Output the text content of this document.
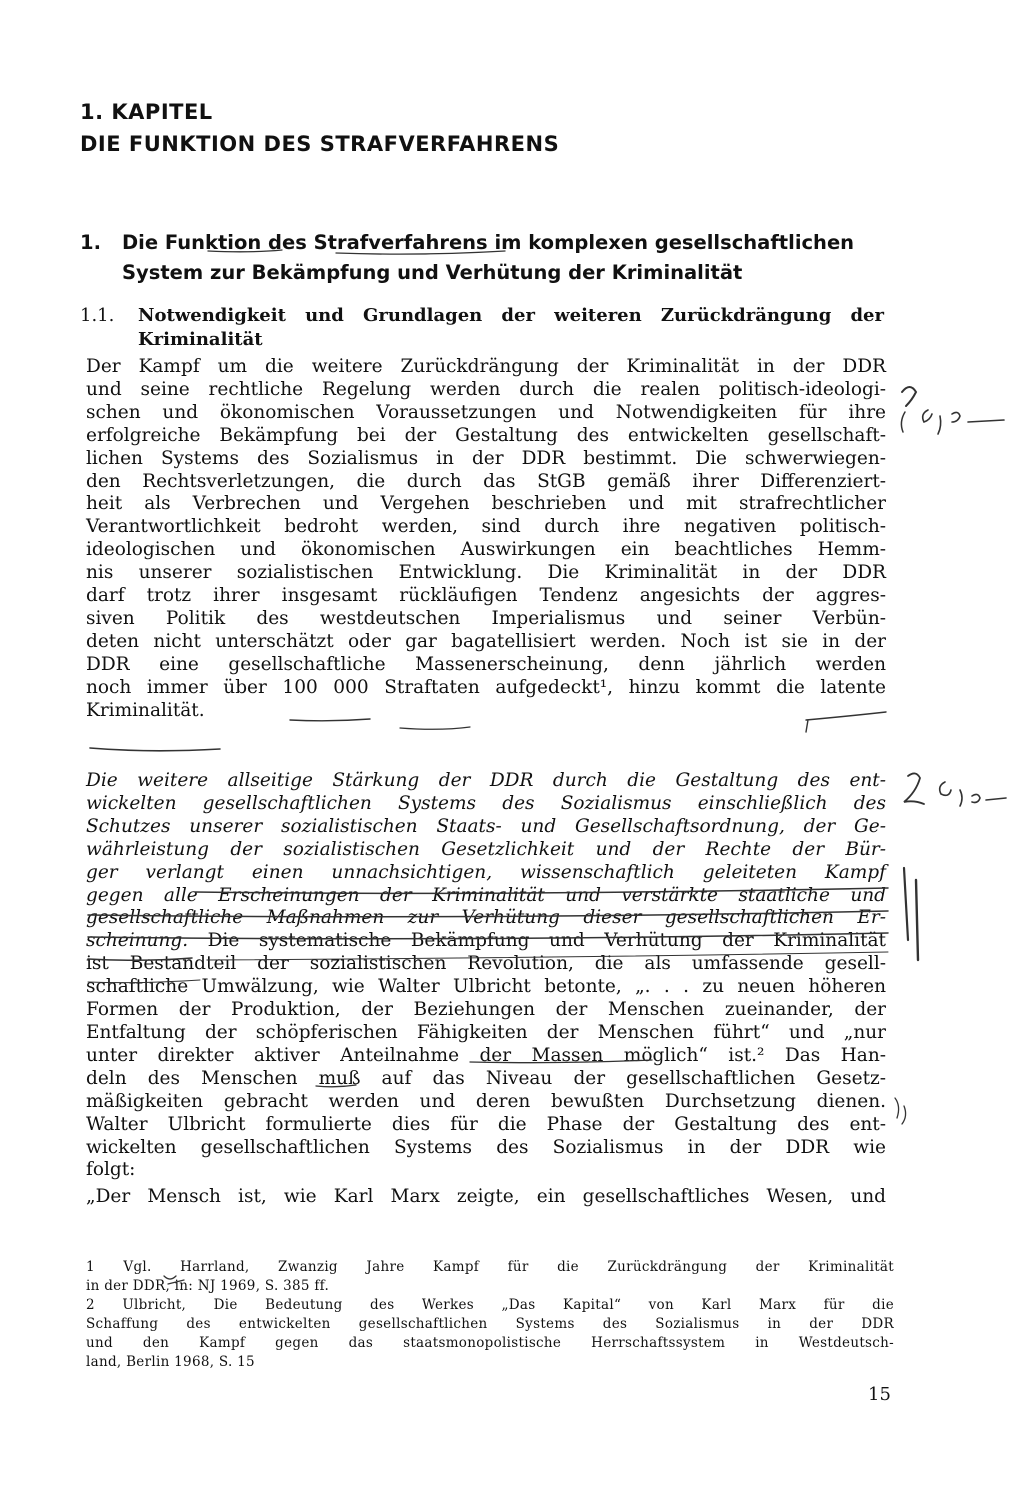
1. KAPITEL
DIE FUNKTION DES STRAFVERFAHRENS
1. Die Funktion des Strafverfahrens im komplexen gesellschaftlichen
System zur Bekämpfung und Verhütung der Kriminalität
1.1. Notwendigkeit und Grundlagen der weiteren Zurückdrängung der
Kriminalität
Der Kampf um die weitere Zurückdrängung der Kriminalität in der DDR
und seine rechtliche Regelung werden durch die realen politisch-ideologi-
schen und ökonomischen Voraussetzungen und Notwendigkeiten für ihre
erfolgreiche Bekämpfung bei der Gestaltung des entwickelten gesellschaft-
lichen Systems des Sozialismus in der DDR bestimmt. Die schwerwiegen-
den Rechtsverletzungen, die durch das StGB gemäß ihrer Differenziert-
heit als Verbrechen und Vergehen beschrieben und mit strafrechtlicher
Verantwortlichkeit bedroht werden, sind durch ihre negativen politisch-
ideologischen und ökonomischen Auswirkungen ein beachtliches Hemm-
nis unserer sozialistischen Entwicklung. Die Kriminalität in der DDR
darf trotz ihrer insgesamt rückläufigen Tendenz angesichts der aggres-
siven Politik des westdeutschen Imperialismus und seiner Verbün-
deten nicht unterschätzt oder gar bagatellisiert werden. Noch ist sie in der
DDR eine gesellschaftliche Massenerscheinung, denn jährlich werden
noch immer über 100 000 Straftaten aufgedeckt¹, hinzu kommt die latente
Kriminalität.
Die weitere allseitige Stärkung der DDR durch die Gestaltung des ent-
wickelten gesellschaftlichen Systems des Sozialismus einschließlich des
Schutzes unserer sozialistischen Staats- und Gesellschaftsordnung, der Ge-
währleistung der sozialistischen Gesetzlichkeit und der Rechte der Bür-
ger verlangt einen unnachsichtigen, wissenschaftlich geleiteten Kampf
gegen alle Erscheinungen der Kriminalität und verstärkte staatliche und
gesellschaftliche Maßnahmen zur Verhütung dieser gesellschaftlichen Er-
scheinung. Die systematische Bekämpfung und Verhütung der Kriminalität
ist Bestandteil der sozialistischen Revolution, die als umfassende gesell-
schaftliche Umwälzung, wie Walter Ulbricht betonte, „. . . zu neuen höheren
Formen der Produktion, der Beziehungen der Menschen zueinander, der
Entfaltung der schöpferischen Fähigkeiten der Menschen führt“ und „nur
unter direkter aktiver Anteilnahme der Massen möglich“ ist.² Das Han-
deln des Menschen muß auf das Niveau der gesellschaftlichen Gesetz-
mäßigkeiten gebracht werden und deren bewußten Durchsetzung dienen.
Walter Ulbricht formulierte dies für die Phase der Gestaltung des ent-
wickelten gesellschaftlichen Systems des Sozialismus in der DDR wie
folgt:
„Der Mensch ist, wie Karl Marx zeigte, ein gesellschaftliches Wesen, und
1 Vgl. Harrland, Zwanzig Jahre Kampf für die Zurückdrängung der Kriminalität
in der DDR, in: NJ 1969, S. 385 ff.
2 Ulbricht, Die Bedeutung des Werkes „Das Kapital“ von Karl Marx für die
Schaffung des entwickelten gesellschaftlichen Systems des Sozialismus in der DDR
und den Kampf gegen das staatsmonopolistische Herrschaftssystem in Westdeutsch-
land, Berlin 1968, S. 15
15
